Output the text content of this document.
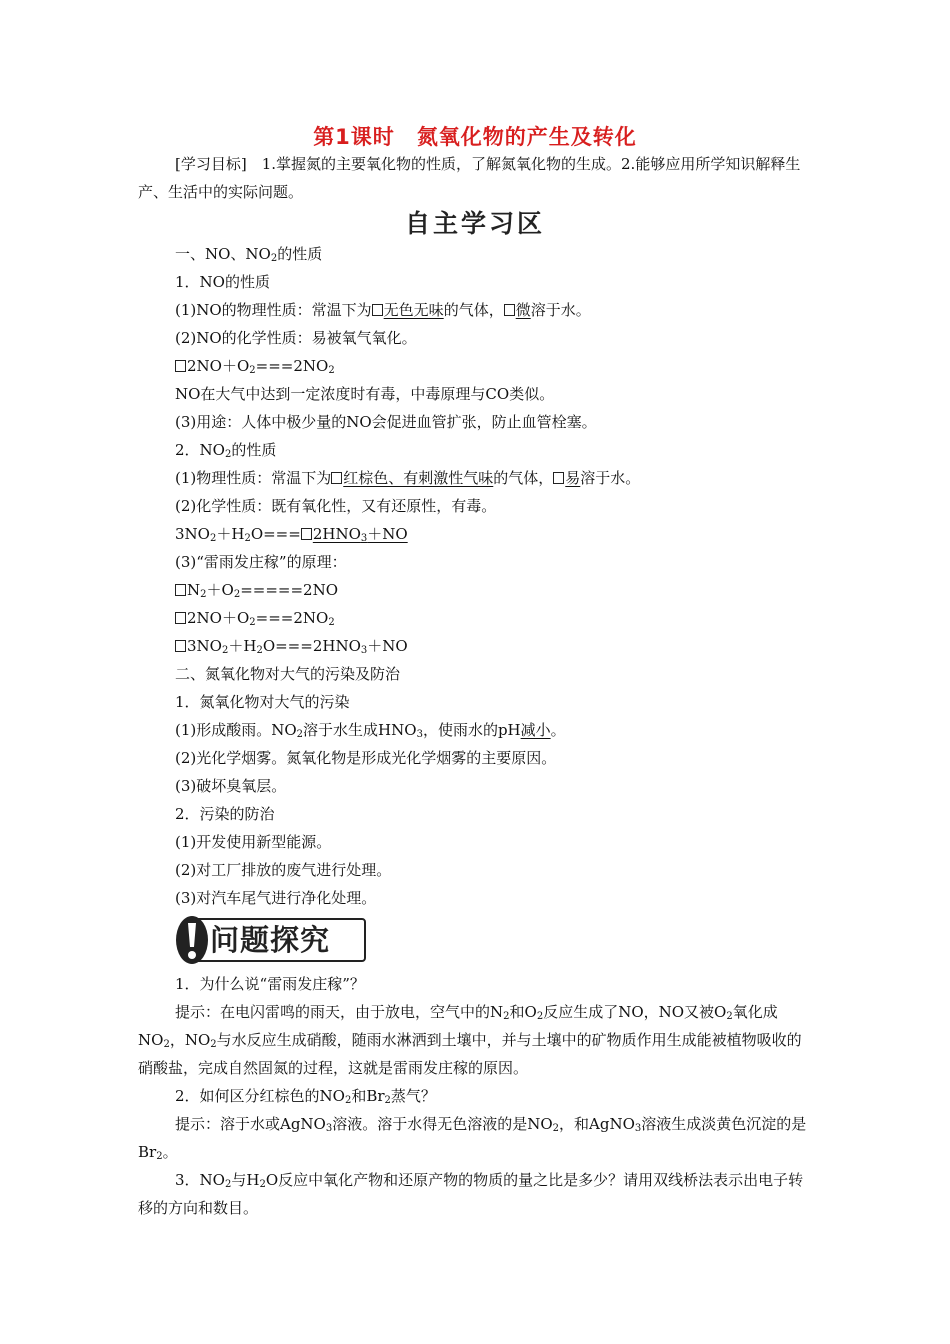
第1课时 氮氧化物的产生及转化
[学习目标]　1.掌握氮的主要氧化物的性质，了解氮氧化物的生成。2.能够应用所学知识解释生产、生活中的实际问题。
自主学习区
一、NO、$NO_2$的性质
1．NO的性质
(1)NO的物理性质：常温下为 无色无味的气体， 微溶于水。
(2)NO的化学性质：易被氧气氧化。
$2NO+O_2===2NO_2$
NO在大气中达到一定浓度时有毒，中毒原理与CO类似。
(3)用途：人体中极少量的NO会促进血管扩张，防止血管栓塞。
2．$NO_2$的性质
(1)物理性质：常温下为 红棕色、有刺激性气味的气体， 易溶于水。
(2)化学性质：既有氧化性，又有还原性，有毒。
$3NO_2+H_2O=== 2HNO_3+NO$
(3)“雷雨发庄稼”的原理：
$N_2+O_2=====2NO$
$2NO+O_2===2NO_2$
$3NO_2+H_2O===2HNO_3+NO$
二、氮氧化物对大气的污染及防治
1．氮氧化物对大气的污染
(1)形成酸雨。$NO_2$溶于水生成$HNO_3$，使雨水的pH减小。
(2)光化学烟雾。氮氧化物是形成光化学烟雾的主要原因。
(3)破坏臭氧层。
2．污染的防治
(1)开发使用新型能源。
(2)对工厂排放的废气进行处理。
(3)对汽车尾气进行净化处理。
问题探究
1．为什么说“雷雨发庄稼”？
提示：在电闪雷鸣的雨天，由于放电，空气中的$N_2$和$O_2$反应生成了NO，NO又被$O_2$氧化成$NO_2$，$NO_2$与水反应生成硝酸，随雨水淋洒到土壤中，并与土壤中的矿物质作用生成能被植物吸收的硝酸盐，完成自然固氮的过程，这就是雷雨发庄稼的原因。
2．如何区分红棕色的$NO_2$和$Br_2$蒸气？
提示：溶于水或AgNO$_3$溶液。溶于水得无色溶液的是$NO_2$，和AgNO$_3$溶液生成淡黄色沉淀的是$Br_2$。
3．$NO_2$与$H_2O$反应中氧化产物和还原产物的物质的量之比是多少？请用双线桥法表示出电子转移的方向和数目。
